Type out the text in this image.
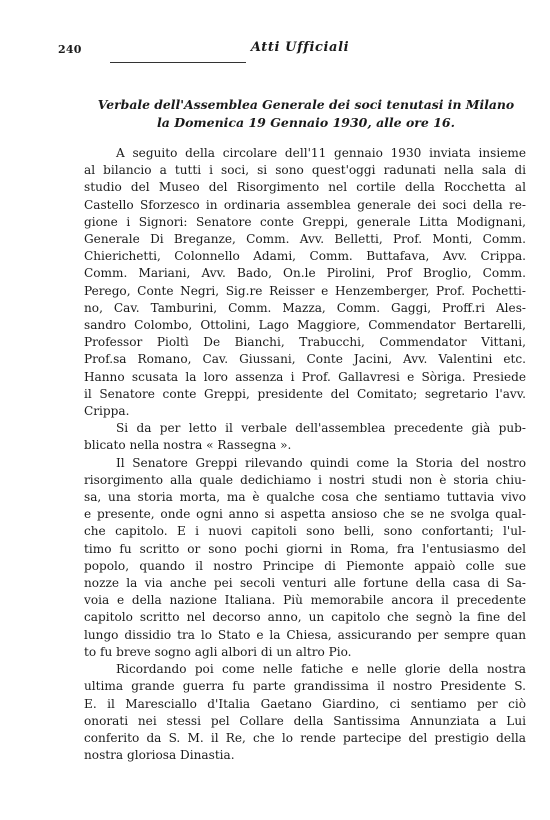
240	Atti Ufficiali
Verbale dell'Assemblea Generale dei soci tenutasi in Milano
la Domenica 19 Gennaio 1930, alle ore 16.

A seguito della circolare dell'11 gennaio 1930 inviata insieme
al bilancio a tutti i soci, si sono quest'oggi radunati nella sala di
studio del Museo del Risorgimento nel cortile della Rocchetta al
Castello Sforzesco in ordinaria assemblea generale dei soci della re-
gione i Signori: Senatore conte Greppi, generale Litta Modignani,
Generale Di Breganze, Comm. Avv. Belletti, Prof. Monti, Comm.
Chierichetti, Colonnello Adami, Comm. Buttafava, Avv. Crippa.
Comm. Mariani, Avv. Bado, On.le Pirolini, Prof Broglio, Comm.
Perego, Conte Negri, Sig.re Reisser e Henzemberger, Prof. Pochetti-
no, Cav. Tamburini, Comm. Mazza, Comm. Gaggi, Proff.ri Ales-
sandro Colombo, Ottolini, Lago Maggiore, Commendator Bertarelli,
Professor Pioltì De Bianchi, Trabucchi, Commendator Vittani,
Prof.sa Romano, Cav. Giussani, Conte Jacini, Avv. Valentini etc.
Hanno scusata la loro assenza i Prof. Gallavresi e Sòriga. Presiede
il Senatore conte Greppi, presidente del Comitato; segretario l'avv.
Crippa.

Si da per letto il verbale dell'assemblea precedente già pub-
blicato nella nostra « Rassegna ».

Il Senatore Greppi rilevando quindi come la Storia del nostro
risorgimento alla quale dedichiamo i nostri studi non è storia chiu-
sa, una storia morta, ma è qualche cosa che sentiamo tuttavia vivo
e presente, onde ogni anno si aspetta ansioso che se ne svolga qual-
che capitolo. E i nuovi capitoli sono belli, sono confortanti; l'ul-
timo fu scritto or sono pochi giorni in Roma, fra l'entusiasmo del
popolo, quando il nostro Principe di Piemonte appaiò colle sue
nozze la via anche pei secoli venturi alle fortune della casa di Sa-
voia e della nazione Italiana. Più memorabile ancora il precedente
capitolo scritto nel decorso anno, un capitolo che segnò la fine del
lungo dissidio tra lo Stato e la Chiesa, assicurando per sempre quan
to fu breve sogno agli albori di un altro Pio.

Ricordando poi come nelle fatiche e nelle glorie della nostra
ultima grande guerra fu parte grandissima il nostro Presidente S.
E. il Maresciallo d'Italia Gaetano Giardino, ci sentiamo per ciò
onorati nei stessi pel Collare della Santissima Annunziata a Lui
conferito da S. M. il Re, che lo rende partecipe del prestigio della
nostra gloriosa Dinastia.
